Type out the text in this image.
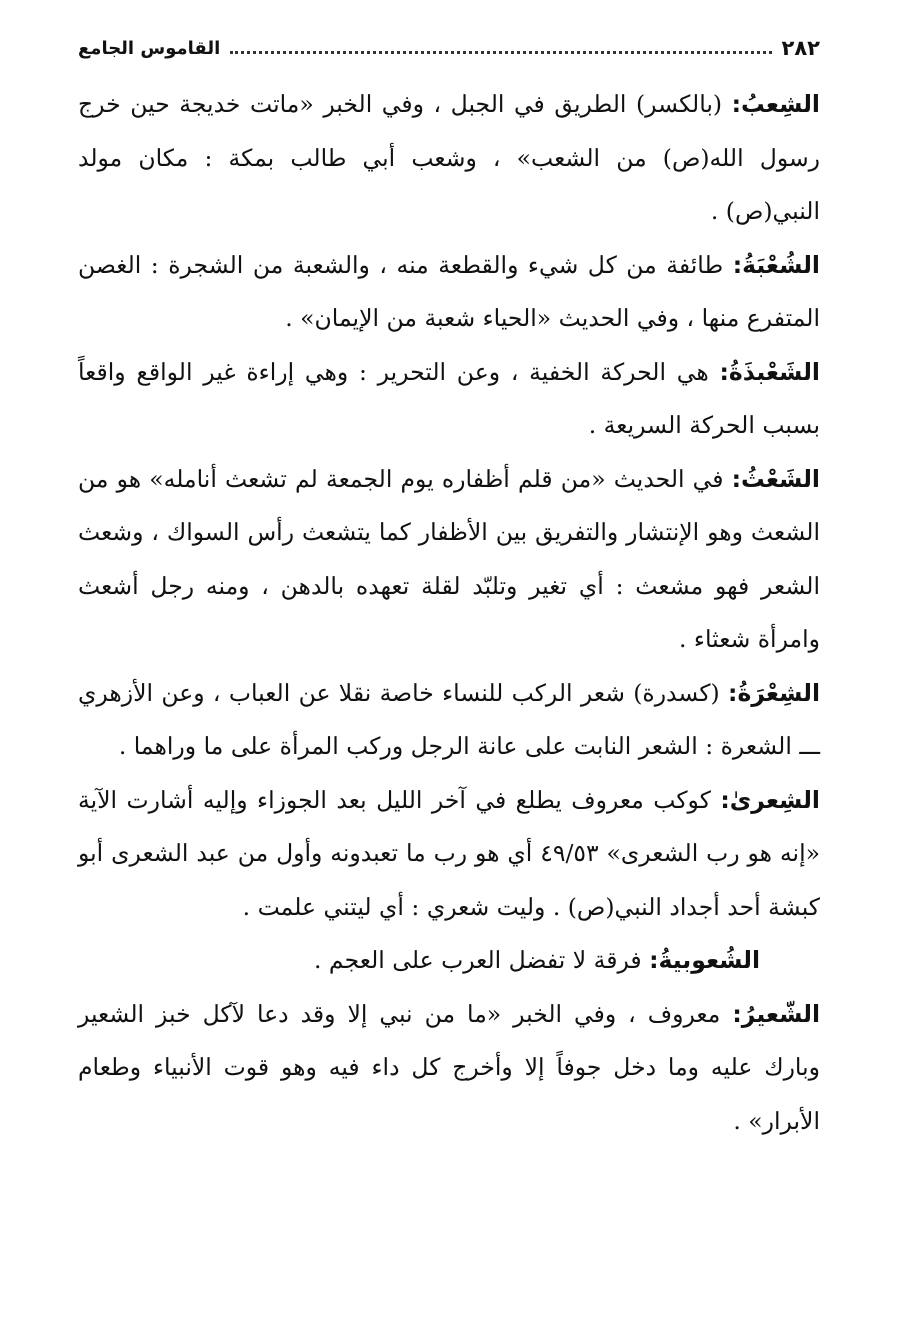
٢٨٢
القاموس الجامع

الشِعبُ: (بالكسر) الطريق في الجبل ، وفي الخبر «ماتت خديجة حين خرج رسول الله(ص) من الشعب» ، وشعب أبي طالب بمكة : مكان مولد النبي(ص) .

الشُعْبَةُ: طائفة من كل شيء والقطعة منه ، والشعبة من الشجرة : الغصن المتفرع منها ، وفي الحديث «الحياء شعبة من الإيمان» .

الشَعْبذَةُ: هي الحركة الخفية ، وعن التحرير : وهي إراءة غير الواقع واقعاً بسبب الحركة السريعة .

الشَعْثُ: في الحديث «من قلم أظفاره يوم الجمعة لم تشعث أنامله» هو من الشعث وهو الإنتشار والتفريق بين الأظفار كما يتشعث رأس السواك ، وشعث الشعر فهو مشعث : أي تغير وتلبّد لقلة تعهده بالدهن ، ومنه رجل أشعث وامرأة شعثاء .

الشِعْرَةُ: (كسدرة) شعر الركب للنساء خاصة نقلا عن العباب ، وعن الأزهري ـــ الشعرة : الشعر النابت على عانة الرجل وركب المرأة على ما وراهما .

الشِعرىٰ: كوكب معروف يطلع في آخر الليل بعد الجوزاء وإليه أشارت الآية «إنه هو رب الشعرى» ٤٩/٥٣ أي هو رب ما تعبدونه وأول من عبد الشعرى أبو كبشة أحد أجداد النبي(ص) . وليت شعري : أي ليتني علمت .

الشُعوبيةُ: فرقة لا تفضل العرب على العجم .

الشّعيرُ: معروف ، وفي الخبر «ما من نبي إلا وقد دعا لآكل خبز الشعير وبارك عليه وما دخل جوفاً إلا وأخرج كل داء فيه وهو قوت الأنبياء وطعام الأبرار» .
